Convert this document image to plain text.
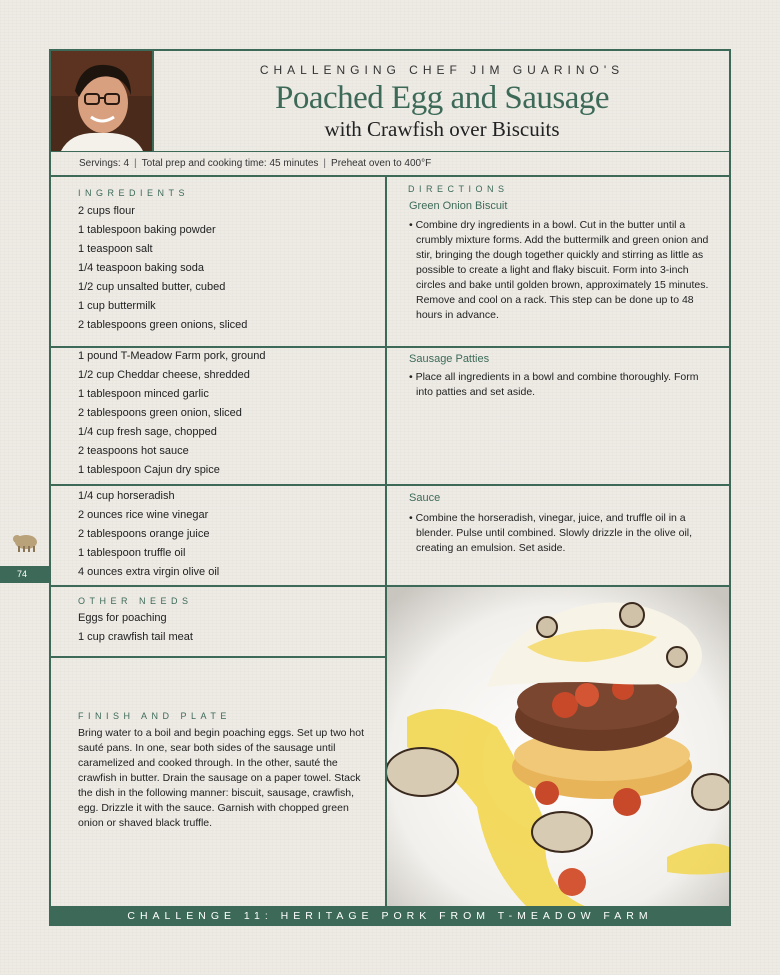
CHALLENGING CHEF JIM GUARINO'S
Poached Egg and Sausage
with Crawfish over Biscuits
Servings: 4 | Total prep and cooking time: 45 minutes | Preheat oven to 400°F
INGREDIENTS
2 cups flour
1 tablespoon baking powder
1 teaspoon salt
1/4 teaspoon baking soda
1/2 cup unsalted butter, cubed
1 cup buttermilk
2 tablespoons green onions, sliced
1 pound T-Meadow Farm pork, ground
1/2 cup Cheddar cheese, shredded
1 tablespoon minced garlic
2 tablespoons green onion, sliced
1/4 cup fresh sage, chopped
2 teaspoons hot sauce
1 tablespoon Cajun dry spice
1/4 cup horseradish
2 ounces rice wine vinegar
2 tablespoons orange juice
1 tablespoon truffle oil
4 ounces extra virgin olive oil
OTHER NEEDS
Eggs for poaching
1 cup crawfish tail meat
FINISH AND PLATE
Bring water to a boil and begin poaching eggs. Set up two hot sauté pans. In one, sear both sides of the sausage until caramelized and cooked through. In the other, sauté the crawfish in butter. Drain the sausage on a paper towel. Stack the dish in the following manner: biscuit, sausage, crawfish, egg. Drizzle it with the sauce. Garnish with chopped green onion or shaved black truffle.
DIRECTIONS
Green Onion Biscuit
• Combine dry ingredients in a bowl. Cut in the butter until a crumbly mixture forms. Add the buttermilk and green onion and stir, bringing the dough together quickly and stirring as little as possible to create a light and flaky biscuit. Form into 3-inch circles and bake until golden brown, approximately 15 minutes. Remove and cool on a rack. This step can be done up to 48 hours in advance.
Sausage Patties
• Place all ingredients in a bowl and combine thoroughly. Form into patties and set aside.
Sauce
• Combine the horseradish, vinegar, juice, and truffle oil in a blender. Pulse until combined. Slowly drizzle in the olive oil, creating an emulsion. Set aside.
CHALLENGE 11: HERITAGE PORK FROM T-MEADOW FARM
74
